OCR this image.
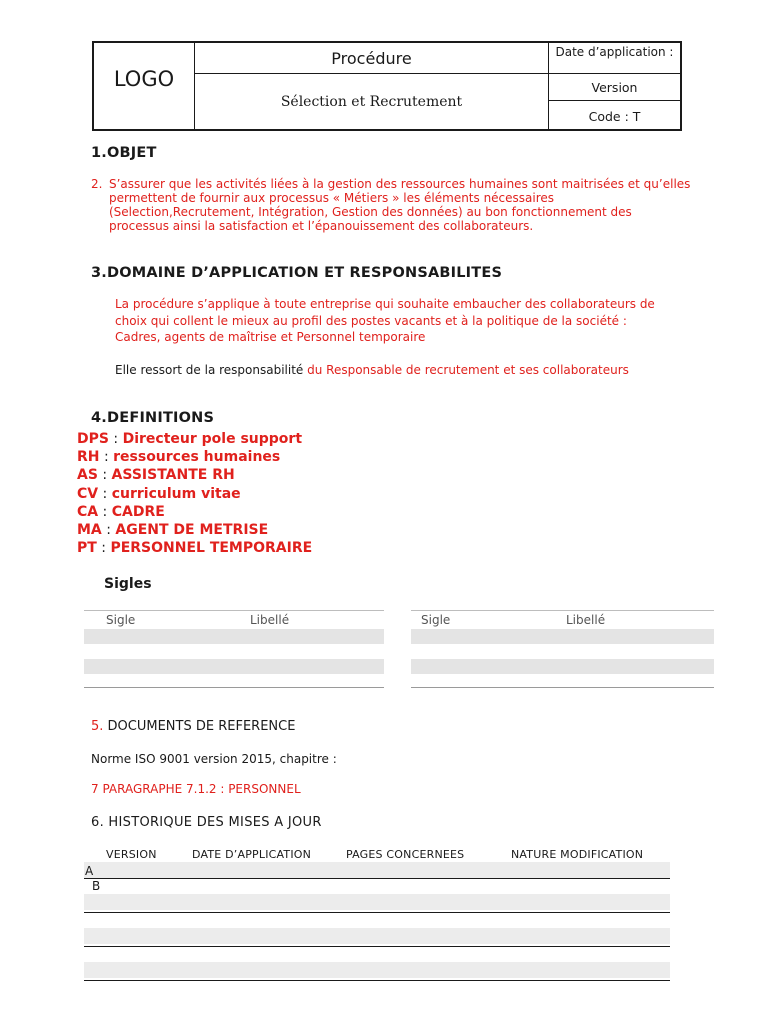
LOGO
Procédure
Sélection et Recrutement
Date d’application :
Version
Code : T
1.OBJET
2. S’assurer que les activités liées à la gestion des ressources humaines sont maitrisées et qu’elles
permettent de fournir aux processus « Métiers » les éléments nécessaires
(Selection,Recrutement, Intégration, Gestion des données) au bon fonctionnement des
processus ainsi la satisfaction et l’épanouissement des collaborateurs.
3.DOMAINE D’APPLICATION ET RESPONSABILITES
La procédure s’applique à toute entreprise qui souhaite embaucher des collaborateurs de
choix qui collent le mieux au profil des postes vacants et à la politique de la société :
Cadres, agents de maîtrise et Personnel temporaire
Elle ressort de la responsabilité du Responsable de recrutement et ses collaborateurs
4.DEFINITIONS
DPS : Directeur pole support
RH : ressources humaines
AS : ASSISTANTE RH
CV : curriculum vitae
CA : CADRE
MA : AGENT DE METRISE
PT : PERSONNEL TEMPORAIRE
Sigles
Sigle	Libellé	Sigle	Libellé
5. DOCUMENTS DE REFERENCE
Norme ISO 9001 version 2015, chapitre :
7 PARAGRAPHE 7.1.2 : PERSONNEL
6. HISTORIQUE DES MISES A JOUR
VERSION	DATE D’APPLICATION	PAGES CONCERNEES	NATURE MODIFICATION
A
B
